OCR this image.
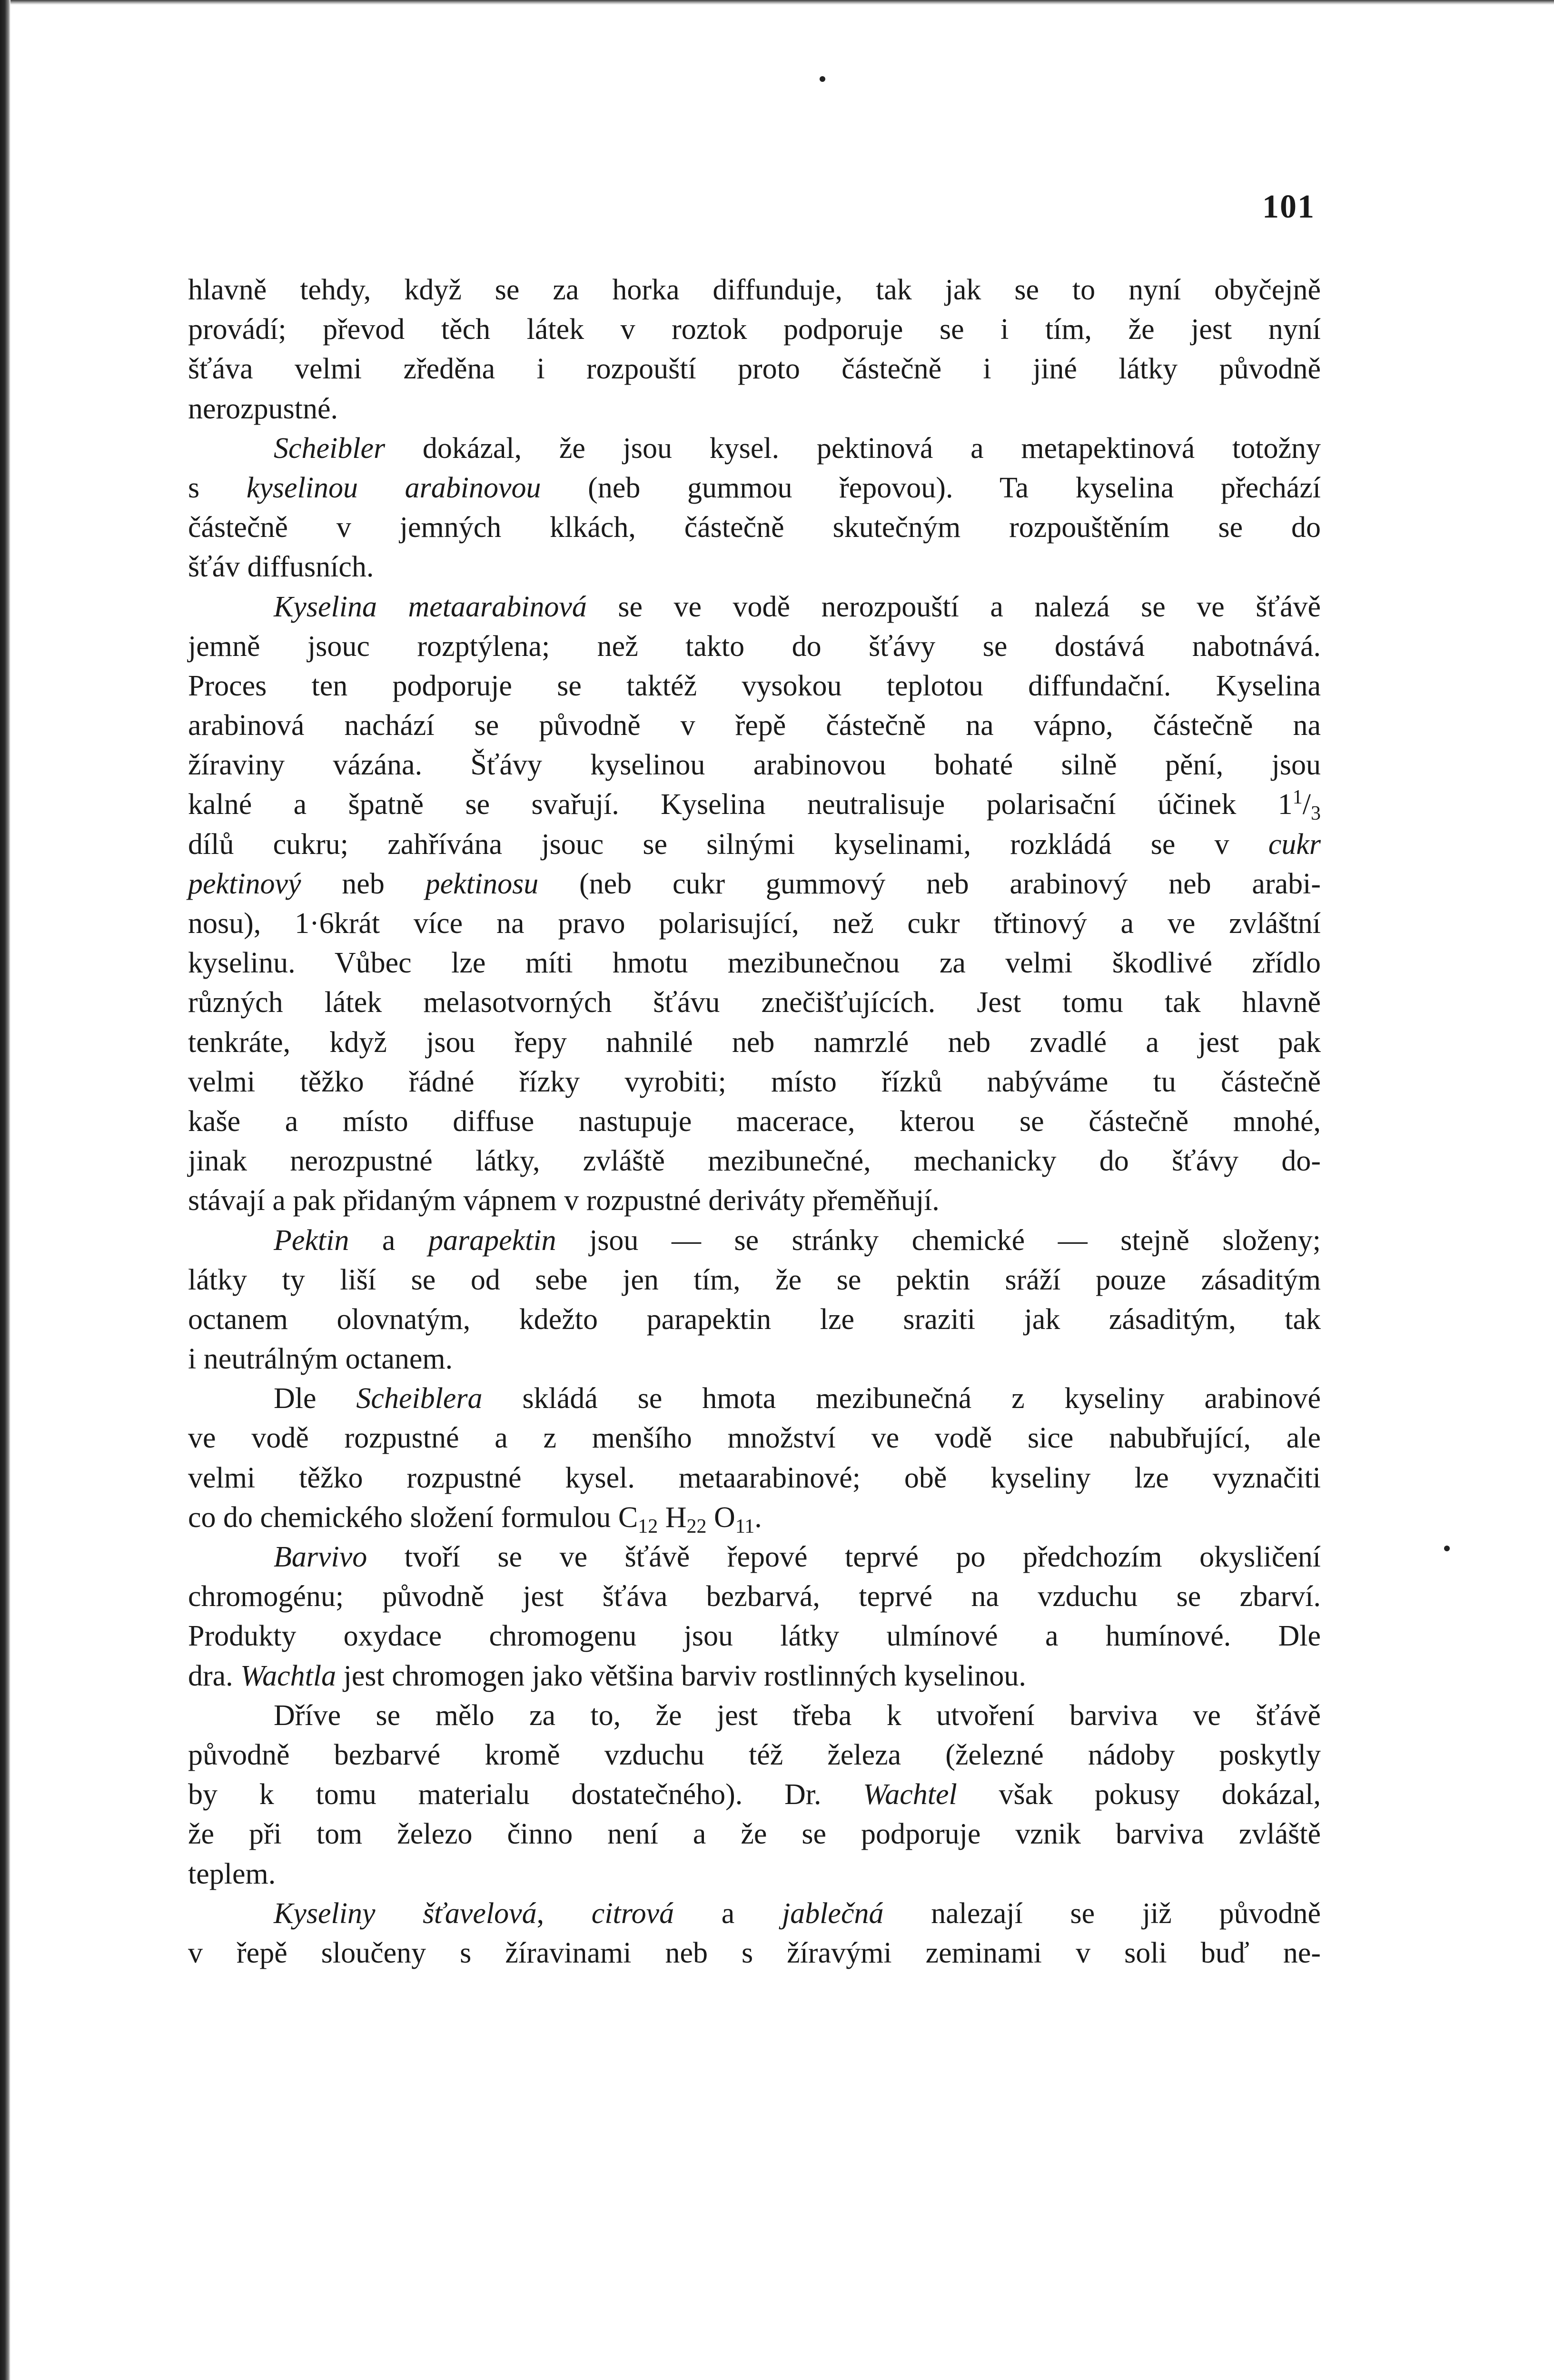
101
hlavně tehdy, když se za horka diffunduje, tak jak se to nyní obyčejně
provádí; převod těch látek v roztok podporuje se i tím, že jest nyní
šťáva velmi zředěna i rozpouští proto částečně i jiné látky původně
nerozpustné.
Scheibler dokázal, že jsou kysel. pektinová a metapektinová totožny
s kyselinou arabinovou (neb gummou řepovou). Ta kyselina přechází
částečně v jemných klkách, částečně skutečným rozpouštěním se do
šťáv diffusních.
Kyselina metaarabinová se ve vodě nerozpouští a nalezá se ve šťávě
jemně jsouc rozptýlena; než takto do šťávy se dostává nabotnává.
Proces ten podporuje se taktéž vysokou teplotou diffundační. Kyselina
arabinová nachází se původně v řepě částečně na vápno, částečně na
žíraviny vázána. Šťávy kyselinou arabinovou bohaté silně pění, jsou
kalné a špatně se svařují. Kyselina neutralisuje polarisační účinek $1^1/_3$
dílů cukru; zahřívána jsouc se silnými kyselinami, rozkládá se v cukr
pektinový neb pektinosu (neb cukr gummový neb arabinový neb arabi-
nosu), 1·6krát více na pravo polarisující, než cukr třtinový a ve zvláštní
kyselinu. Vůbec lze míti hmotu mezibunečnou za velmi škodlivé zřídlo
různých látek melasotvorných šťávu znečišťujících. Jest tomu tak hlavně
tenkráte, když jsou řepy nahnilé neb namrzlé neb zvadlé a jest pak
velmi těžko řádné řízky vyrobiti; místo řízků nabýváme tu částečně
kaše a místo diffuse nastupuje macerace, kterou se částečně mnohé,
jinak nerozpustné látky, zvláště mezibunečné, mechanicky do šťávy do-
stávají a pak přidaným vápnem v rozpustné deriváty přeměňují.
Pektin a parapektin jsou — se stránky chemické — stejně složeny;
látky ty liší se od sebe jen tím, že se pektin sráží pouze zásaditým
octanem olovnatým, kdežto parapektin lze sraziti jak zásaditým, tak
i neutrálným octanem.
Dle Scheiblera skládá se hmota mezibunečná z kyseliny arabinové
ve vodě rozpustné a z menšího množství ve vodě sice nabubřující, ale
velmi těžko rozpustné kysel. metaarabinové; obě kyseliny lze vyznačiti
co do chemického složení formulou $C_{12}$ $H_{22}$ $O_{11}$.
Barvivo tvoří se ve šťávě řepové teprvé po předchozím okysličení
chromogénu; původně jest šťáva bezbarvá, teprvé na vzduchu se zbarví.
Produkty oxydace chromogenu jsou látky ulmínové a humínové. Dle
dra. Wachtla jest chromogen jako většina barviv rostlinných kyselinou.
Dříve se mělo za to, že jest třeba k utvoření barviva ve šťávě
původně bezbarvé kromě vzduchu též železa (železné nádoby poskytly
by k tomu materialu dostatečného). Dr. Wachtel však pokusy dokázal,
že při tom železo činno není a že se podporuje vznik barviva zvláště
teplem.
Kyseliny šťavelová, citrová a jablečná nalezají se již původně
v řepě sloučeny s žíravinami neb s žíravými zeminami v soli buď ne-
